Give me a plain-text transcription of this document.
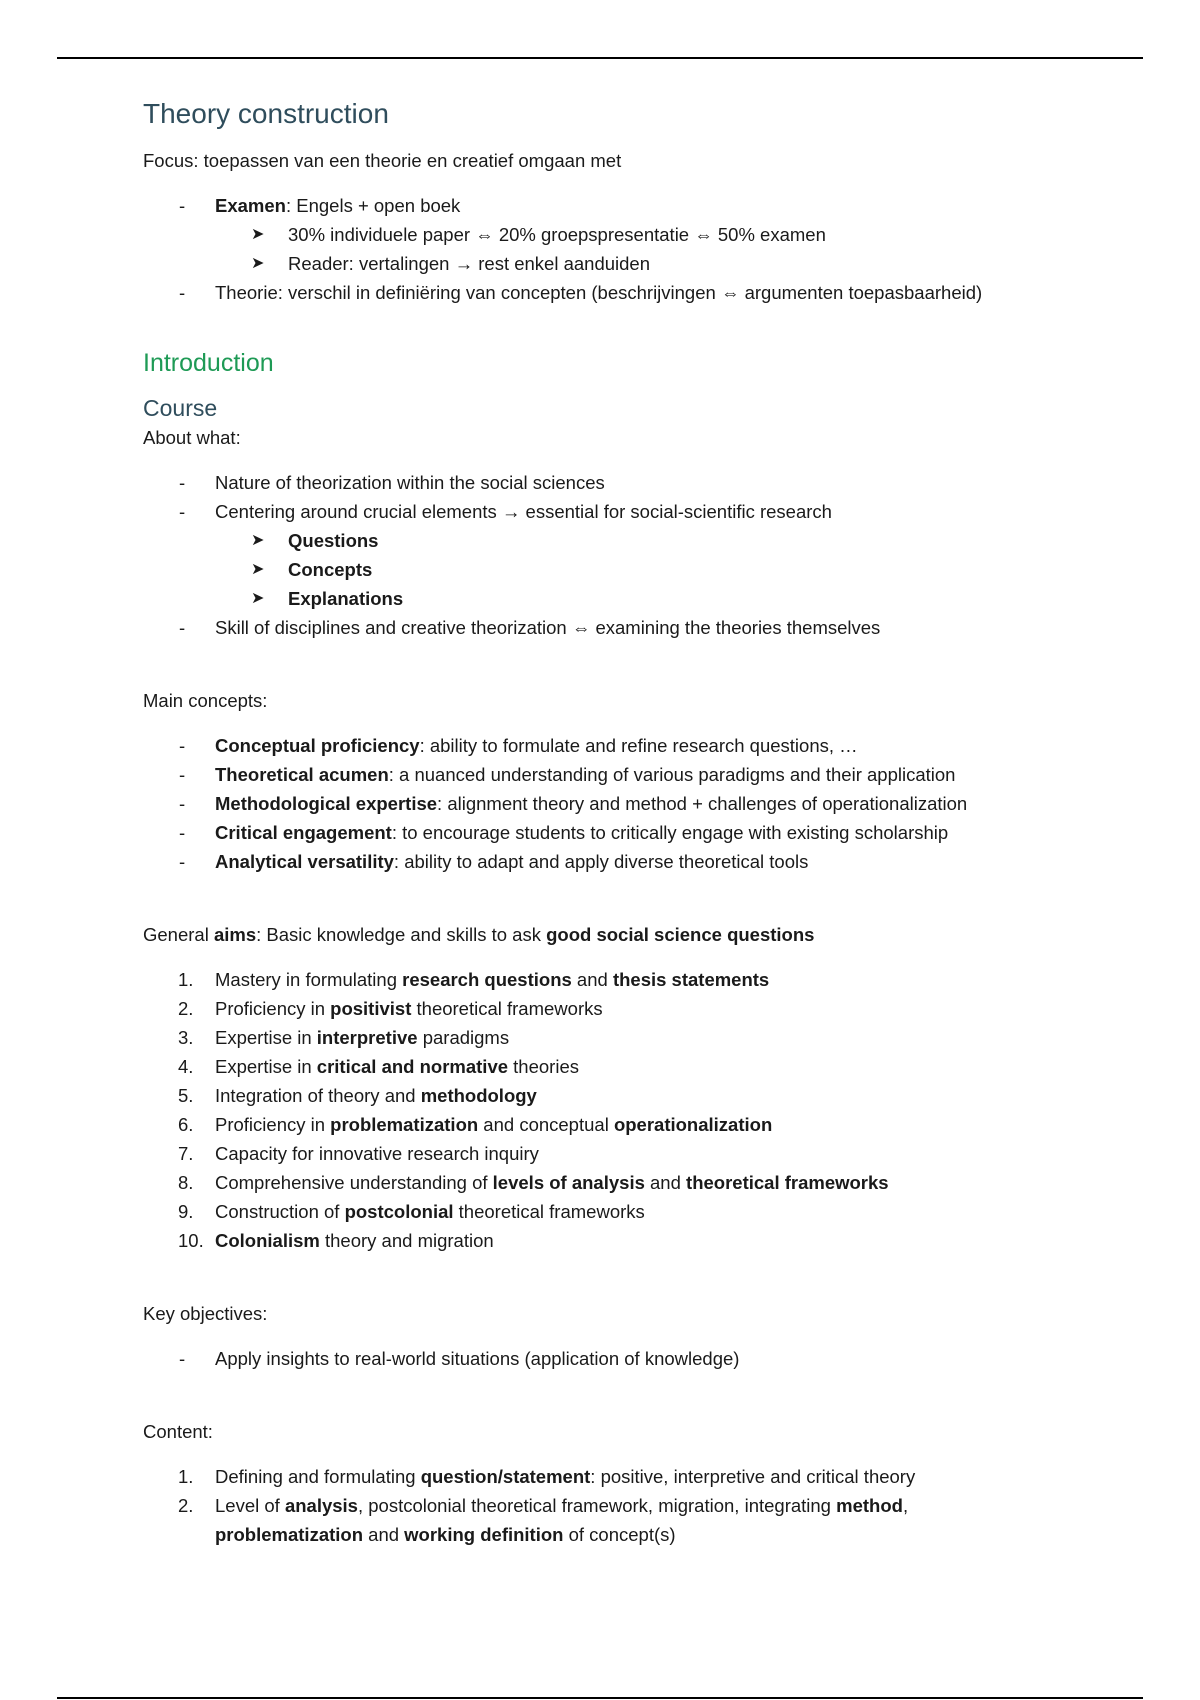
Theory construction

Focus: toepassen van een theorie en creatief omgaan met

-	Examen: Engels + open boek
➤ 30% individuele paper ⇔ 20% groepspresentatie ⇔ 50% examen
➤ Reader: vertalingen → rest enkel aanduiden
-	Theorie: verschil in definiëring van concepten (beschrijvingen ⇔ argumenten toepasbaarheid)
Introduction
Course

About what:

-	Nature of theorization within the social sciences
-	Centering around crucial elements → essential for social-scientific research
➤ Questions
➤ Concepts
➤ Explanations
-	Skill of disciplines and creative theorization ⇔ examining the theories themselves

Main concepts:

-	Conceptual proficiency: ability to formulate and refine research questions, …
-	Theoretical acumen: a nuanced understanding of various paradigms and their application
-	Methodological expertise: alignment theory and method + challenges of operationalization
-	Critical engagement: to encourage students to critically engage with existing scholarship
-	Analytical versatility: ability to adapt and apply diverse theoretical tools

General aims: Basic knowledge and skills to ask good social science questions

1. Mastery in formulating research questions and thesis statements
2. Proficiency in positivist theoretical frameworks
3. Expertise in interpretive paradigms
4. Expertise in critical and normative theories
5. Integration of theory and methodology
6. Proficiency in problematization and conceptual operationalization
7. Capacity for innovative research inquiry
8. Comprehensive understanding of levels of analysis and theoretical frameworks
9. Construction of postcolonial theoretical frameworks
10. Colonialism theory and migration

Key objectives:

-	Apply insights to real-world situations (application of knowledge)

Content:

1. Defining and formulating question/statement: positive, interpretive and critical theory
2. Level of analysis, postcolonial theoretical framework, migration, integrating method,
problematization and working definition of concept(s)
